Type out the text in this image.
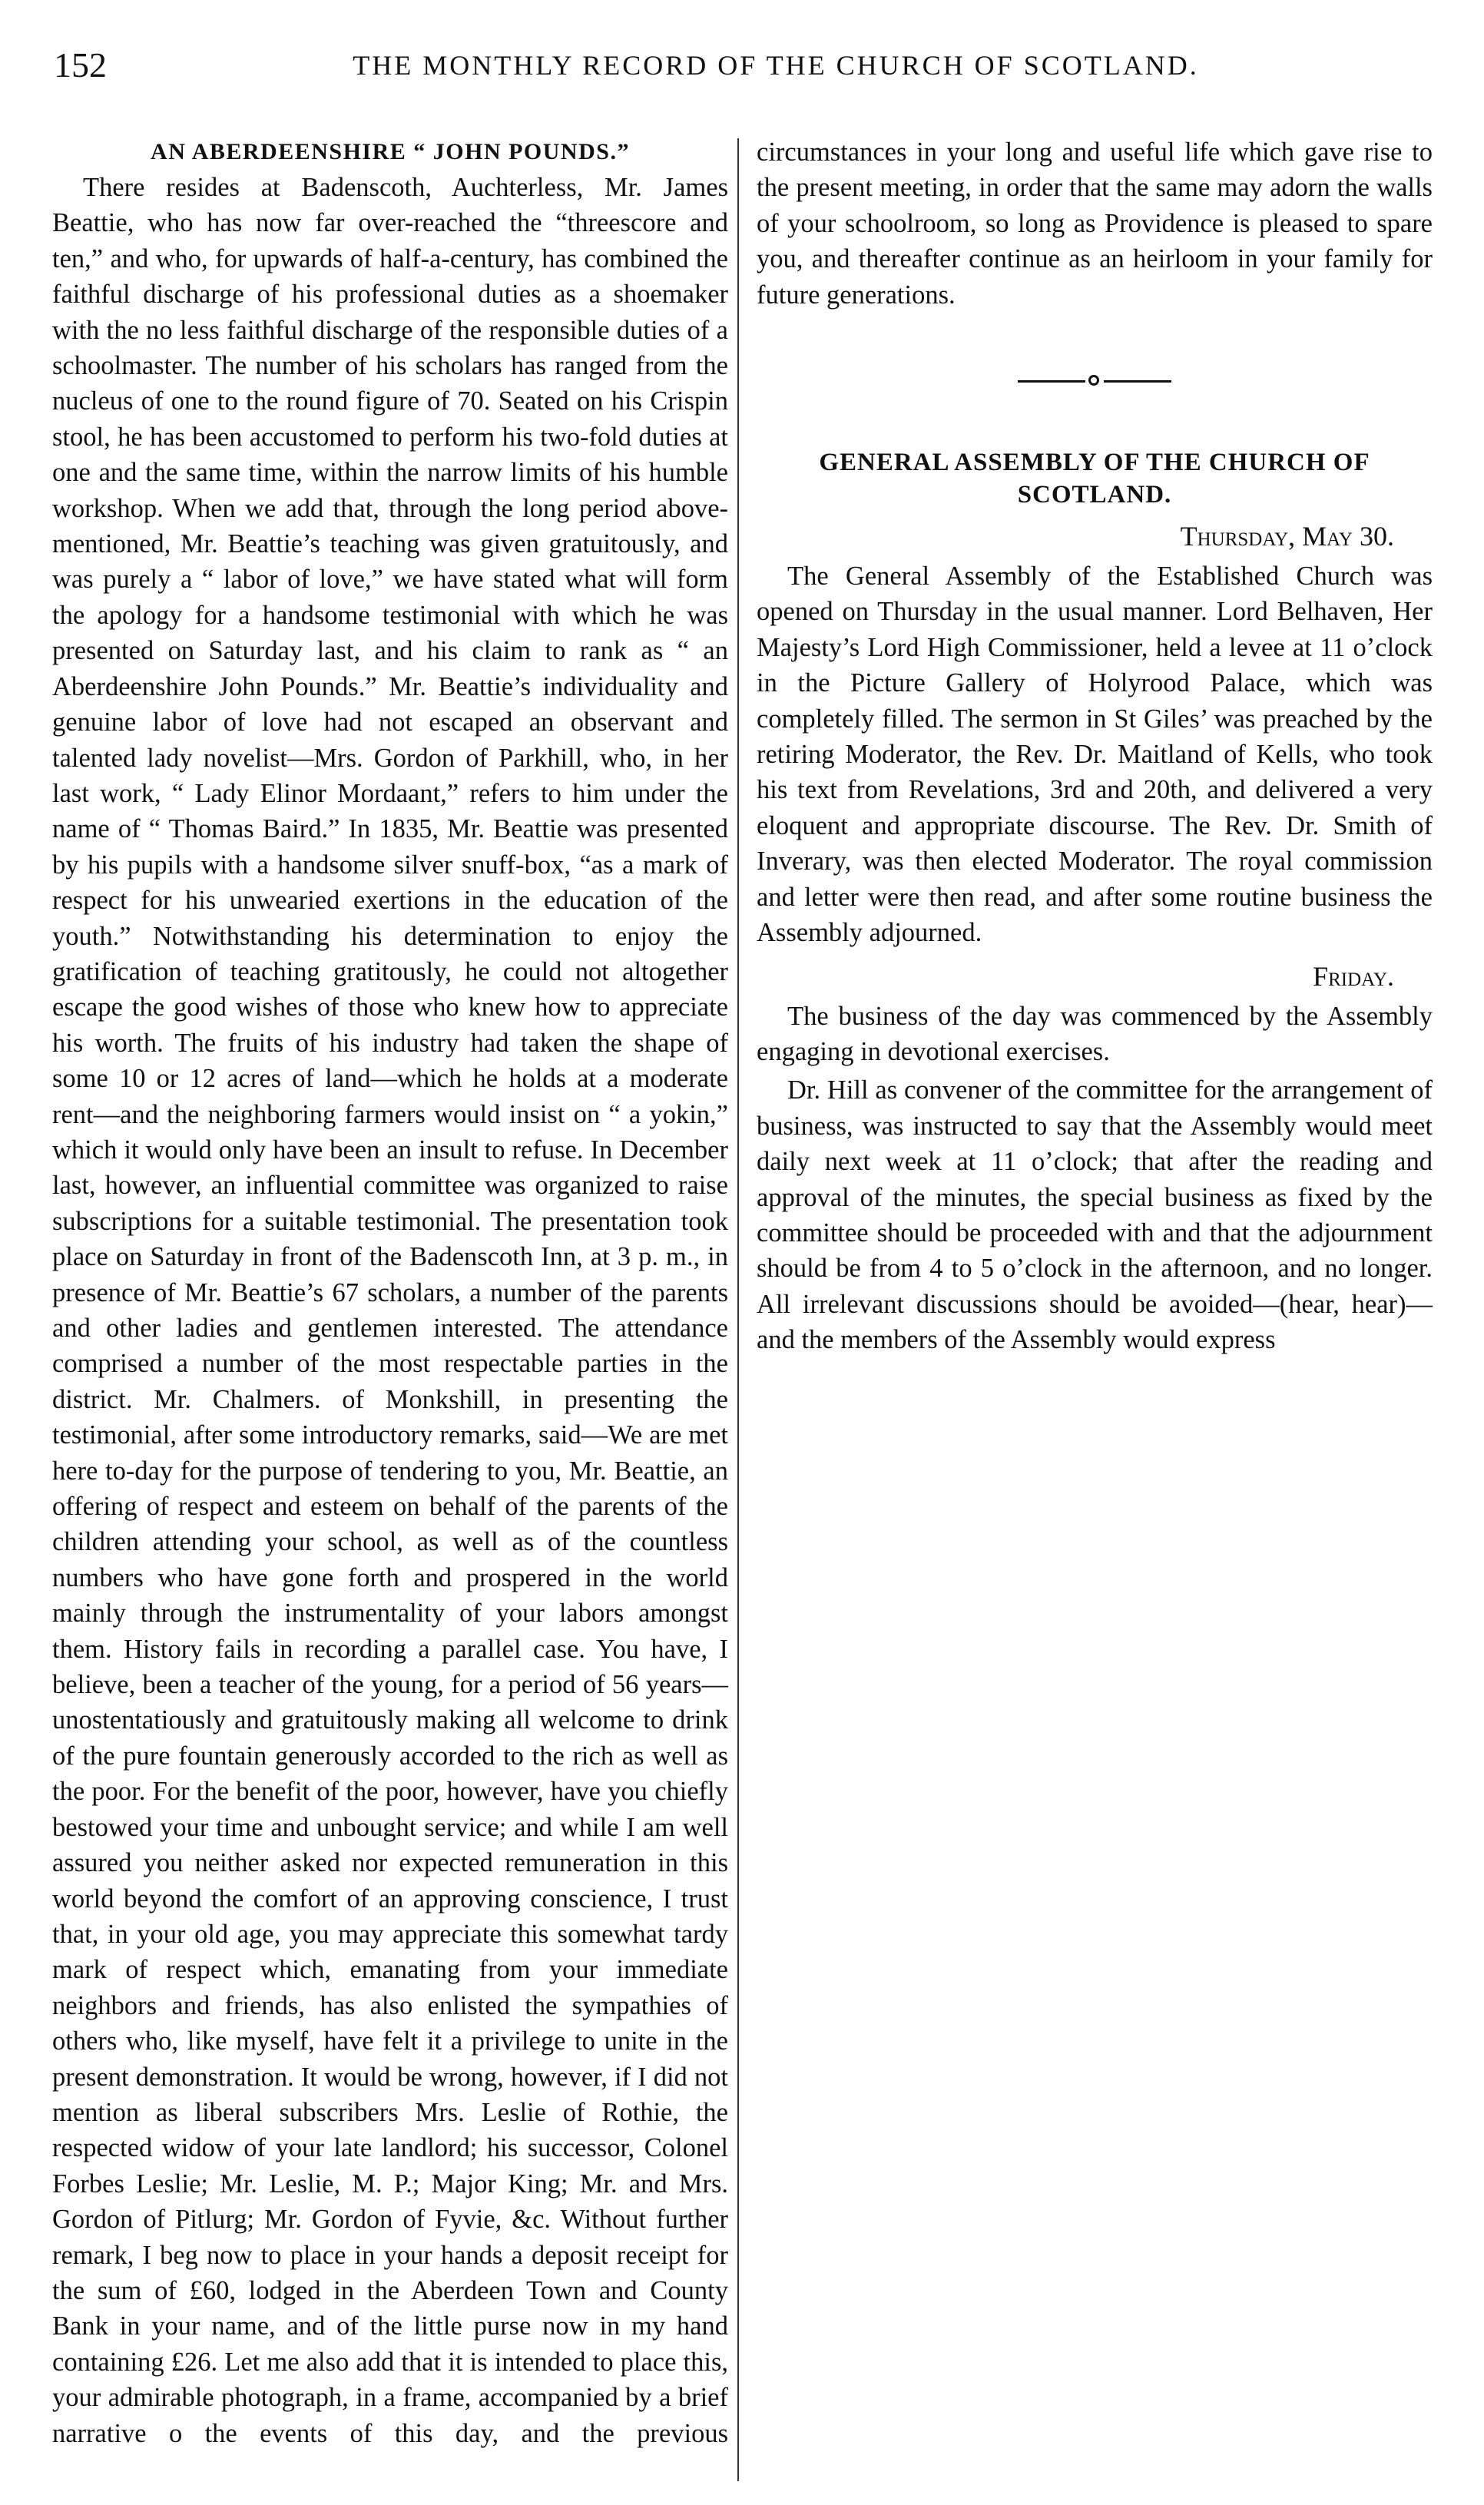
152	THE MONTHLY RECORD OF THE CHURCH OF SCOTLAND.
AN ABERDEENSHIRE “ JOHN POUNDS.”

There resides at Badenscoth, Auchterless, Mr. James Beattie, who has now far over-reached the “threescore and ten,” and who, for upwards of half-a-century, has combined the faithful discharge of his professional duties as a shoemaker with the no less faithful discharge of the responsible duties of a schoolmaster. The number of his scholars has ranged from the nucleus of one to the round figure of 70. Seated on his Crispin stool, he has been accustomed to perform his two-fold duties at one and the same time, within the narrow limits of his humble workshop. When we add that, through the long period above-mentioned, Mr. Beattie’s teaching was given gratuitously, and was purely a “ labor of love,” we have stated what will form the apology for a handsome testimonial with which he was presented on Saturday last, and his claim to rank as “ an Aberdeenshire John Pounds.” Mr. Beattie’s individuality and genuine labor of love had not escaped an observant and talented lady novelist—Mrs. Gordon of Parkhill, who, in her last work, “ Lady Elinor Mordaant,” refers to him under the name of “ Thomas Baird.” In 1835, Mr. Beattie was presented by his pupils with a handsome silver snuff-box, “as a mark of respect for his unwearied exertions in the education of the youth.” Notwithstanding his determination to enjoy the gratification of teaching gratitously, he could not altogether escape the good wishes of those who knew how to appreciate his worth. The fruits of his industry had taken the shape of some 10 or 12 acres of land—which he holds at a moderate rent—and the neighboring farmers would insist on “ a yokin,” which it would only have been an insult to refuse. In December last, however, an influential committee was organized to raise subscriptions for a suitable testimonial. The presentation took place on Saturday in front of the Badenscoth Inn, at 3 p. m., in presence of Mr. Beattie’s 67 scholars, a number of the parents and other ladies and gentlemen interested. The attendance comprised a number of the most respectable parties in the district. Mr. Chalmers. of Monkshill, in presenting the testimonial, after some introductory remarks, said—We are met here to-day for the purpose of tendering to you, Mr. Beattie, an offering of respect and esteem on behalf of the parents of the children attending your school, as well as of the countless numbers who have gone forth and prospered in the world mainly through the instrumentality of your labors amongst them. History fails in recording a parallel case. You have, I believe, been a teacher of the young, for a period of 56 years—unostentatiously and gratuitously making all welcome to drink of the pure fountain generously accorded to the rich as well as the poor. For the benefit of the poor, however, have you chiefly bestowed your time and unbought service; and while I am well assured you neither asked nor expected remuneration in this world beyond the comfort of an approving conscience, I trust that, in your old age, you may appreciate this somewhat tardy mark of respect which, emanating from your immediate neighbors and friends, has also enlisted the sympathies of others who, like myself, have felt it a privilege to unite in the present demonstration. It would be wrong, however, if I did not mention as liberal subscribers Mrs. Leslie of Rothie, the respected widow of your late landlord; his successor, Colonel Forbes Leslie; Mr. Leslie, M. P.; Major King; Mr. and Mrs. Gordon of Pitlurg; Mr. Gordon of Fyvie, &c. Without further remark, I beg now to place in your hands a deposit receipt for the sum of £60, lodged in the Aberdeen Town and County Bank in your name, and of the little purse now in my hand containing £26. Let me also add that it is intended to place this, your admirable photograph, in a frame, accompanied by a brief narrative o the events of this day, and the previous

circumstances in your long and useful life which gave rise to the present meeting, in order that the same may adorn the walls of your schoolroom, so long as Providence is pleased to spare you, and thereafter continue as an heirloom in your family for future generations.

GENERAL ASSEMBLY OF THE CHURCH OF SCOTLAND.
Thursday, May 30.

The General Assembly of the Established Church was opened on Thursday in the usual manner. Lord Belhaven, Her Majesty’s Lord High Commissioner, held a levee at 11 o’clock in the Picture Gallery of Holyrood Palace, which was completely filled. The sermon in St Giles’ was preached by the retiring Moderator, the Rev. Dr. Maitland of Kells, who took his text from Revelations, 3rd and 20th, and delivered a very eloquent and appropriate discourse. The Rev. Dr. Smith of Inverary, was then elected Moderator. The royal commission and letter were then read, and after some routine business the Assembly adjourned.

Friday.

The business of the day was commenced by the Assembly engaging in devotional exercises.

Dr. Hill as convener of the committee for the arrangement of business, was instructed to say that the Assembly would meet daily next week at 11 o’clock; that after the reading and approval of the minutes, the special business as fixed by the committee should be proceeded with and that the adjournment should be from 4 to 5 o’clock in the afternoon, and no longer. All irrelevant discussions should be avoided—(hear, hear)—and the members of the Assembly would express
